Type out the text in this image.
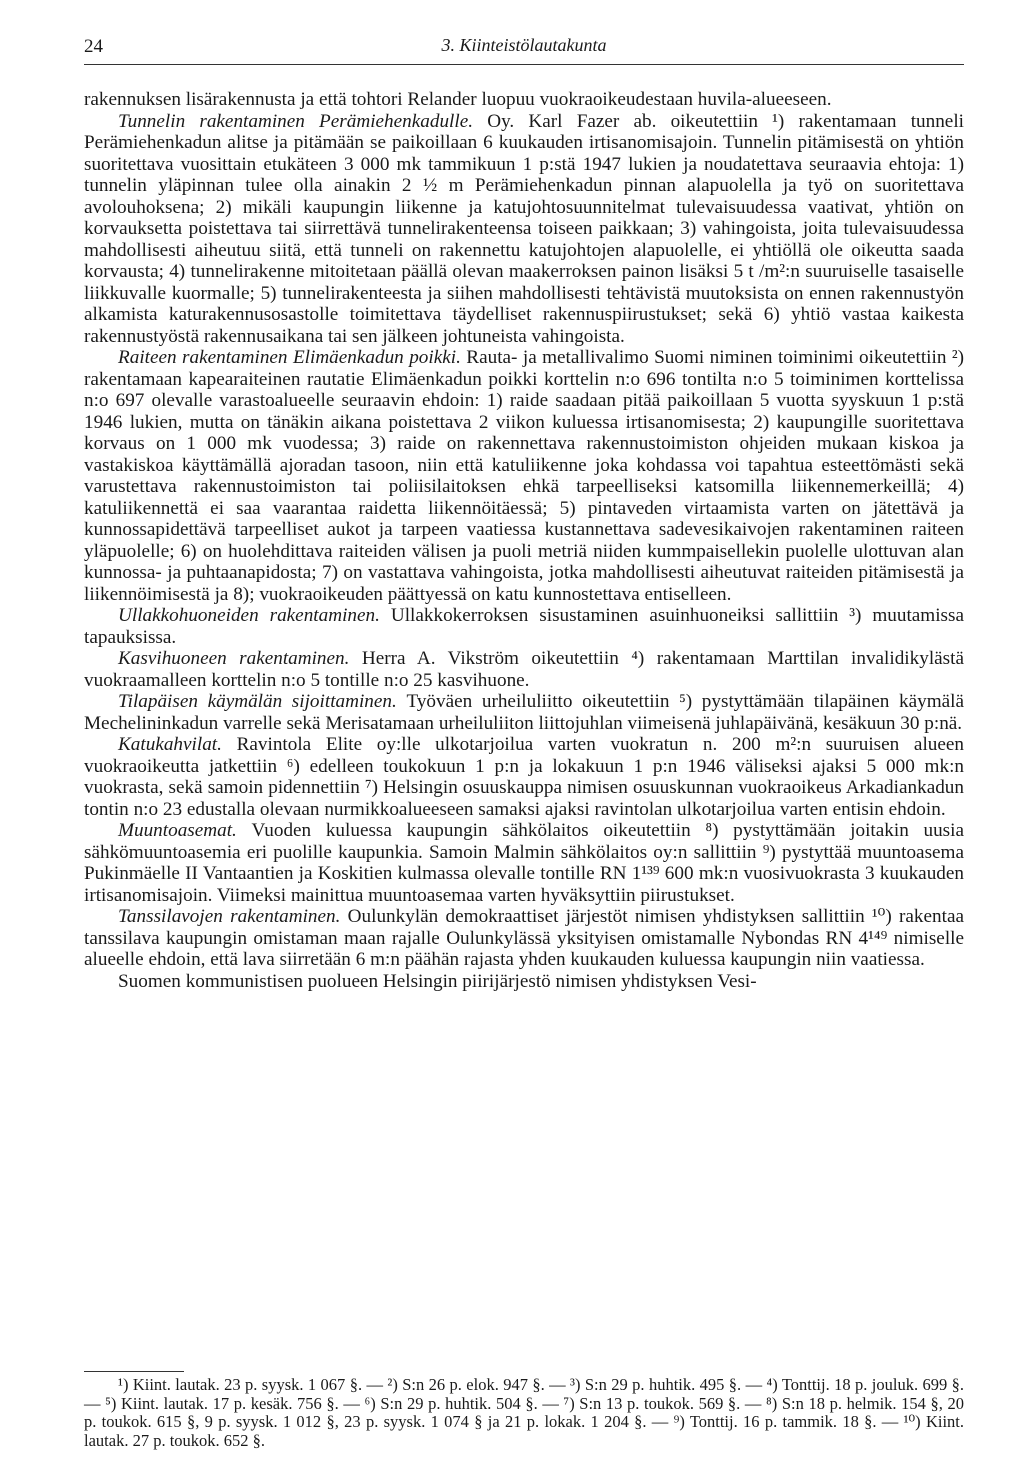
24	3. Kiinteistölautakunta

rakennuksen lisärakennusta ja että tohtori Relander luopuu vuokraoikeudestaan huvila-alueeseen.

Tunnelin rakentaminen Perämiehenkadulle. Oy. Karl Fazer ab. oikeutettiin ¹) rakentamaan tunneli Perämiehenkadun alitse ja pitämään se paikoillaan 6 kuukauden irtisanomisajoin. Tunnelin pitämisestä on yhtiön suoritettava vuosittain etukäteen 3 000 mk tammikuun 1 p:stä 1947 lukien ja noudatettava seuraavia ehtoja: 1) tunnelin yläpinnan tulee olla ainakin 2 ½ m Perämiehenkadun pinnan alapuolella ja työ on suoritettava avolouhoksena; 2) mikäli kaupungin liikenne ja katujohtosuunnitelmat tulevaisuudessa vaativat, yhtiön on korvauksetta poistettava tai siirrettävä tunnelirakenteensa toiseen paikkaan; 3) vahingoista, joita tulevaisuudessa mahdollisesti aiheutuu siitä, että tunneli on rakennettu katujohtojen alapuolelle, ei yhtiöllä ole oikeutta saada korvausta; 4) tunnelirakenne mitoitetaan päällä olevan maakerroksen painon lisäksi 5 t /m²:n suuruiselle tasaiselle liikkuvalle kuormalle; 5) tunnelirakenteesta ja siihen mahdollisesti tehtävistä muutoksista on ennen rakennustyön alkamista katurakennusosastolle toimitettava täydelliset rakennuspiirustukset; sekä 6) yhtiö vastaa kaikesta rakennustyöstä rakennusaikana tai sen jälkeen johtuneista vahingoista.

Raiteen rakentaminen Elimäenkadun poikki. Rauta- ja metallivalimo Suomi niminen toiminimi oikeutettiin ²) rakentamaan kapearaiteinen rautatie Elimäenkadun poikki korttelin n:o 696 tontilta n:o 5 toiminimen korttelissa n:o 697 olevalle varastoalueelle seuraavin ehdoin: 1) raide saadaan pitää paikoillaan 5 vuotta syyskuun 1 p:stä 1946 lukien, mutta on tänäkin aikana poistettava 2 viikon kuluessa irtisanomisesta; 2) kaupungille suoritettava korvaus on 1 000 mk vuodessa; 3) raide on rakennettava rakennustoimiston ohjeiden mukaan kiskoa ja vastakiskoa käyttämällä ajoradan tasoon, niin että katuliikenne joka kohdassa voi tapahtua esteettömästi sekä varustettava rakennustoimiston tai poliisilaitoksen ehkä tarpeelliseksi katsomilla liikennemerkeillä; 4) katuliikennettä ei saa vaarantaa raidetta liikennöitäessä; 5) pintaveden virtaamista varten on jätettävä ja kunnossapidettävä tarpeelliset aukot ja tarpeen vaatiessa kustannettava sadevesikaivojen rakentaminen raiteen yläpuolelle; 6) on huolehdittava raiteiden välisen ja puoli metriä niiden kummpaisellekin puolelle ulottuvan alan kunnossa- ja puhtaanapidosta; 7) on vastattava vahingoista, jotka mahdollisesti aiheutuvat raiteiden pitämisestä ja liikennöimisestä ja 8); vuokraoikeuden päättyessä on katu kunnostettava entiselleen.

Ullakkohuoneiden rakentaminen. Ullakkokerroksen sisustaminen asuinhuoneiksi sallittiin ³) muutamissa tapauksissa.

Kasvihuoneen rakentaminen. Herra A. Vikström oikeutettiin ⁴) rakentamaan Marttilan invalidikylästä vuokraamalleen korttelin n:o 5 tontille n:o 25 kasvihuone.

Tilapäisen käymälän sijoittaminen. Työväen urheiluliitto oikeutettiin ⁵) pystyttämään tilapäinen käymälä Mechelininkadun varrelle sekä Merisatamaan urheiluliiton liittojuhlan viimeisenä juhlapäivänä, kesäkuun 30 p:nä.

Katukahvilat. Ravintola Elite oy:lle ulkotarjoilua varten vuokratun n. 200 m²:n suuruisen alueen vuokraoikeutta jatkettiin ⁶) edelleen toukokuun 1 p:n ja lokakuun 1 p:n 1946 väliseksi ajaksi 5 000 mk:n vuokrasta, sekä samoin pidennettiin ⁷) Helsingin osuuskauppa nimisen osuuskunnan vuokraoikeus Arkadiankadun tontin n:o 23 edustalla olevaan nurmikkoalueeseen samaksi ajaksi ravintolan ulkotarjoilua varten entisin ehdoin.

Muuntoasemat. Vuoden kuluessa kaupungin sähkölaitos oikeutettiin ⁸) pystyttämään joitakin uusia sähkömuuntoasemia eri puolille kaupunkia. Samoin Malmin sähkölaitos oy:n sallittiin ⁹) pystyttää muuntoasema Pukinmäelle II Vantaantien ja Koskitien kulmassa olevalle tontille RN 1¹³⁹ 600 mk:n vuosivuokrasta 3 kuukauden irtisanomisajoin. Viimeksi mainittua muuntoasemaa varten hyväksyttiin piirustukset.

Tanssilavojen rakentaminen. Oulunkylän demokraattiset järjestöt nimisen yhdistyksen sallittiin ¹⁰) rakentaa tanssilava kaupungin omistaman maan rajalle Oulunkylässä yksityisen omistamalle Nybondas RN 4¹⁴⁹ nimiselle alueelle ehdoin, että lava siirretään 6 m:n päähän rajasta yhden kuukauden kuluessa kaupungin niin vaatiessa.

Suomen kommunistisen puolueen Helsingin piirijärjestö nimisen yhdistyksen Vesi-

¹) Kiint. lautak. 23 p. syysk. 1 067 §. — ²) S:n 26 p. elok. 947 §. — ³) S:n 29 p. huhtik. 495 §. — ⁴) Tonttij. 18 p. jouluk. 699 §. — ⁵) Kiint. lautak. 17 p. kesäk. 756 §. — ⁶) S:n 29 p. huhtik. 504 §. — ⁷) S:n 13 p. toukok. 569 §. — ⁸) S:n 18 p. helmik. 154 §, 20 p. toukok. 615 §, 9 p. syysk. 1 012 §, 23 p. syysk. 1 074 § ja 21 p. lokak. 1 204 §. — ⁹) Tonttij. 16 p. tammik. 18 §. — ¹⁰) Kiint. lautak. 27 p. toukok. 652 §.
